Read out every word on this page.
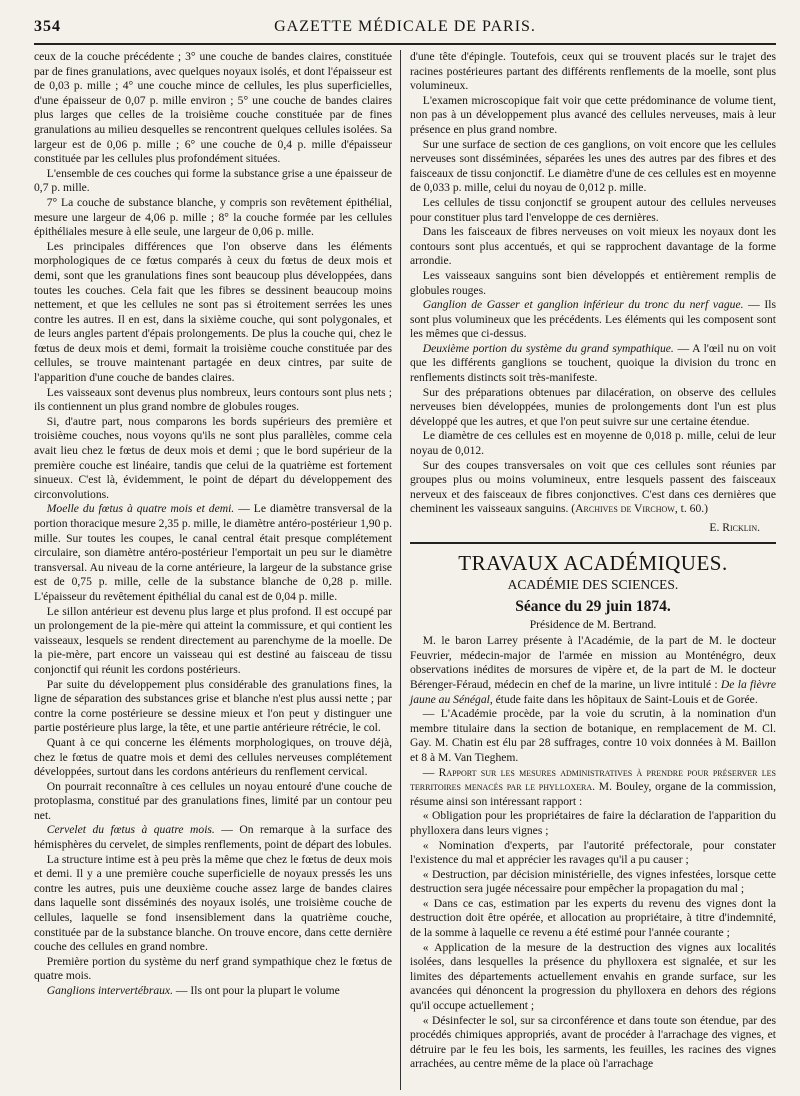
354	GAZETTE MÉDICALE DE PARIS.

ceux de la couche précédente ; 3° une couche de bandes claires, constituée par de fines granulations, avec quelques noyaux isolés, et dont l'épaisseur est de 0,03 p. mille ; 4° une couche mince de cellules, les plus superficielles, d'une épaisseur de 0,07 p. mille environ ; 5° une couche de bandes claires plus larges que celles de la troisième couche constituée par de fines granulations au milieu desquelles se rencontrent quelques cellules isolées. Sa largeur est de 0,06 p. mille ; 6° une couche de 0,4 p. mille d'épaisseur constituée par les cellules plus profondément situées.

L'ensemble de ces couches qui forme la substance grise a une épaisseur de 0,7 p. mille.

7° La couche de substance blanche, y compris son revêtement épithélial, mesure une largeur de 4,06 p. mille ; 8° la couche formée par les cellules épithéliales mesure à elle seule, une largeur de 0,06 p. mille.

Les principales différences que l'on observe dans les éléments morphologiques de ce fœtus comparés à ceux du fœtus de deux mois et demi, sont que les granulations fines sont beaucoup plus développées, dans toutes les couches. Cela fait que les fibres se dessinent beaucoup moins nettement, et que les cellules ne sont pas si étroitement serrées les unes contre les autres. Il en est, dans la sixième couche, qui sont polygonales, et de leurs angles partent d'épais prolongements. De plus la couche qui, chez le fœtus de deux mois et demi, formait la troisième couche constituée par des cellules, se trouve maintenant partagée en deux cintres, par suite de l'apparition d'une couche de bandes claires.

Les vaisseaux sont devenus plus nombreux, leurs contours sont plus nets ; ils contiennent un plus grand nombre de globules rouges.

Si, d'autre part, nous comparons les bords supérieurs des première et troisième couches, nous voyons qu'ils ne sont plus parallèles, comme cela avait lieu chez le fœtus de deux mois et demi ; que le bord supérieur de la première couche est linéaire, tandis que celui de la quatrième est fortement sinueux. C'est là, évidemment, le point de départ du développement des circonvolutions.

Moelle du fœtus à quatre mois et demi. — Le diamètre transversal de la portion thoracique mesure 2,35 p. mille, le diamètre antéro-postérieur 1,90 p. mille. Sur toutes les coupes, le canal central était presque complétement circulaire, son diamètre antéro-postérieur l'emportait un peu sur le diamètre transversal. Au niveau de la corne antérieure, la largeur de la substance grise est de 0,75 p. mille, celle de la substance blanche de 0,28 p. mille. L'épaisseur du revêtement épithélial du canal est de 0,04 p. mille.

Le sillon antérieur est devenu plus large et plus profond. Il est occupé par un prolongement de la pie-mère qui atteint la commissure, et qui contient les vaisseaux, lesquels se rendent directement au parenchyme de la moelle. De la pie-mère, part encore un vaisseau qui est destiné au faisceau de tissu conjonctif qui réunit les cordons postérieurs.

Par suite du développement plus considérable des granulations fines, la ligne de séparation des substances grise et blanche n'est plus aussi nette ; par contre la corne postérieure se dessine mieux et l'on peut y distinguer une partie postérieure plus large, la tête, et une partie antérieure rétrécie, le col.

Quant à ce qui concerne les éléments morphologiques, on trouve déjà, chez le fœtus de quatre mois et demi des cellules nerveuses complétement développées, surtout dans les cordons antérieurs du renflement cervical.

On pourrait reconnaître à ces cellules un noyau entouré d'une couche de protoplasma, constitué par des granulations fines, limité par un contour peu net.

Cervelet du fœtus à quatre mois. — On remarque à la surface des hémisphères du cervelet, de simples renflements, point de départ des lobules.

La structure intime est à peu près la même que chez le fœtus de deux mois et demi. Il y a une première couche superficielle de noyaux pressés les uns contre les autres, puis une deuxième couche assez large de bandes claires dans laquelle sont disséminés des noyaux isolés, une troisième couche de cellules, laquelle se fond insensiblement dans la quatrième couche, constituée par de la substance blanche. On trouve encore, dans cette dernière couche des cellules en grand nombre.

Première portion du système du nerf grand sympathique chez le fœtus de quatre mois.

Ganglions intervertébraux. — Ils ont pour la plupart le volume

d'une tête d'épingle. Toutefois, ceux qui se trouvent placés sur le trajet des racines postérieures partant des différents renflements de la moelle, sont plus volumineux.

L'examen microscopique fait voir que cette prédominance de volume tient, non pas à un développement plus avancé des cellules nerveuses, mais à leur présence en plus grand nombre.

Sur une surface de section de ces ganglions, on voit encore que les cellules nerveuses sont disséminées, séparées les unes des autres par des fibres et des faisceaux de tissu conjonctif. Le diamètre d'une de ces cellules est en moyenne de 0,033 p. mille, celui du noyau de 0,012 p. mille.

Les cellules de tissu conjonctif se groupent autour des cellules nerveuses pour constituer plus tard l'enveloppe de ces dernières.

Dans les faisceaux de fibres nerveuses on voit mieux les noyaux dont les contours sont plus accentués, et qui se rapprochent davantage de la forme arrondie.

Les vaisseaux sanguins sont bien développés et entièrement remplis de globules rouges.

Ganglion de Gasser et ganglion inférieur du tronc du nerf vague. — Ils sont plus volumineux que les précédents. Les éléments qui les composent sont les mêmes que ci-dessus.

Deuxième portion du système du grand sympathique. — A l'œil nu on voit que les différents ganglions se touchent, quoique la division du tronc en renflements distincts soit très-manifeste.

Sur des préparations obtenues par dilacération, on observe des cellules nerveuses bien développées, munies de prolongements dont l'un est plus développé que les autres, et que l'on peut suivre sur une certaine étendue.

Le diamètre de ces cellules est en moyenne de 0,018 p. mille, celui de leur noyau de 0,012.

Sur des coupes transversales on voit que ces cellules sont réunies par groupes plus ou moins volumineux, entre lesquels passent des faisceaux nerveux et des faisceaux de fibres conjonctives. C'est dans ces dernières que cheminent les vaisseaux sanguins. (Archives de Virchow, t. 60.)

E. Ricklin.

TRAVAUX ACADÉMIQUES.
ACADÉMIE DES SCIENCES.
Séance du 29 juin 1874.

Présidence de M. Bertrand.

M. le baron Larrey présente à l'Académie, de la part de M. le docteur Feuvrier, médecin-major de l'armée en mission au Monténégro, deux observations inédites de morsures de vipère et, de la part de M. le docteur Bérenger-Féraud, médecin en chef de la marine, un livre intitulé : De la fièvre jaune au Sénégal, étude faite dans les hôpitaux de Saint-Louis et de Gorée.

— L'Académie procède, par la voie du scrutin, à la nomination d'un membre titulaire dans la section de botanique, en remplacement de M. Cl. Gay. M. Chatin est élu par 28 suffrages, contre 10 voix données à M. Baillon et 8 à M. Van Tieghem.

— Rapport sur les mesures administratives à prendre pour préserver les territoires menacés par le phylloxera. M. Bouley, organe de la commission, résume ainsi son intéressant rapport :

« Obligation pour les propriétaires de faire la déclaration de l'apparition du phylloxera dans leurs vignes ;

« Nomination d'experts, par l'autorité préfectorale, pour constater l'existence du mal et apprécier les ravages qu'il a pu causer ;

« Destruction, par décision ministérielle, des vignes infestées, lorsque cette destruction sera jugée nécessaire pour empêcher la propagation du mal ;

« Dans ce cas, estimation par les experts du revenu des vignes dont la destruction doit être opérée, et allocation au propriétaire, à titre d'indemnité, de la somme à laquelle ce revenu a été estimé pour l'année courante ;

« Application de la mesure de la destruction des vignes aux localités isolées, dans lesquelles la présence du phylloxera est signalée, et sur les limites des départements actuellement envahis en grande surface, sur les avancées qui dénoncent la progression du phylloxera en dehors des régions qu'il occupe actuellement ;

« Désinfecter le sol, sur sa circonférence et dans toute son étendue, par des procédés chimiques appropriés, avant de procéder à l'arrachage des vignes, et détruire par le feu les bois, les sarments, les feuilles, les racines des vignes arrachées, au centre même de la place où l'arrachage
